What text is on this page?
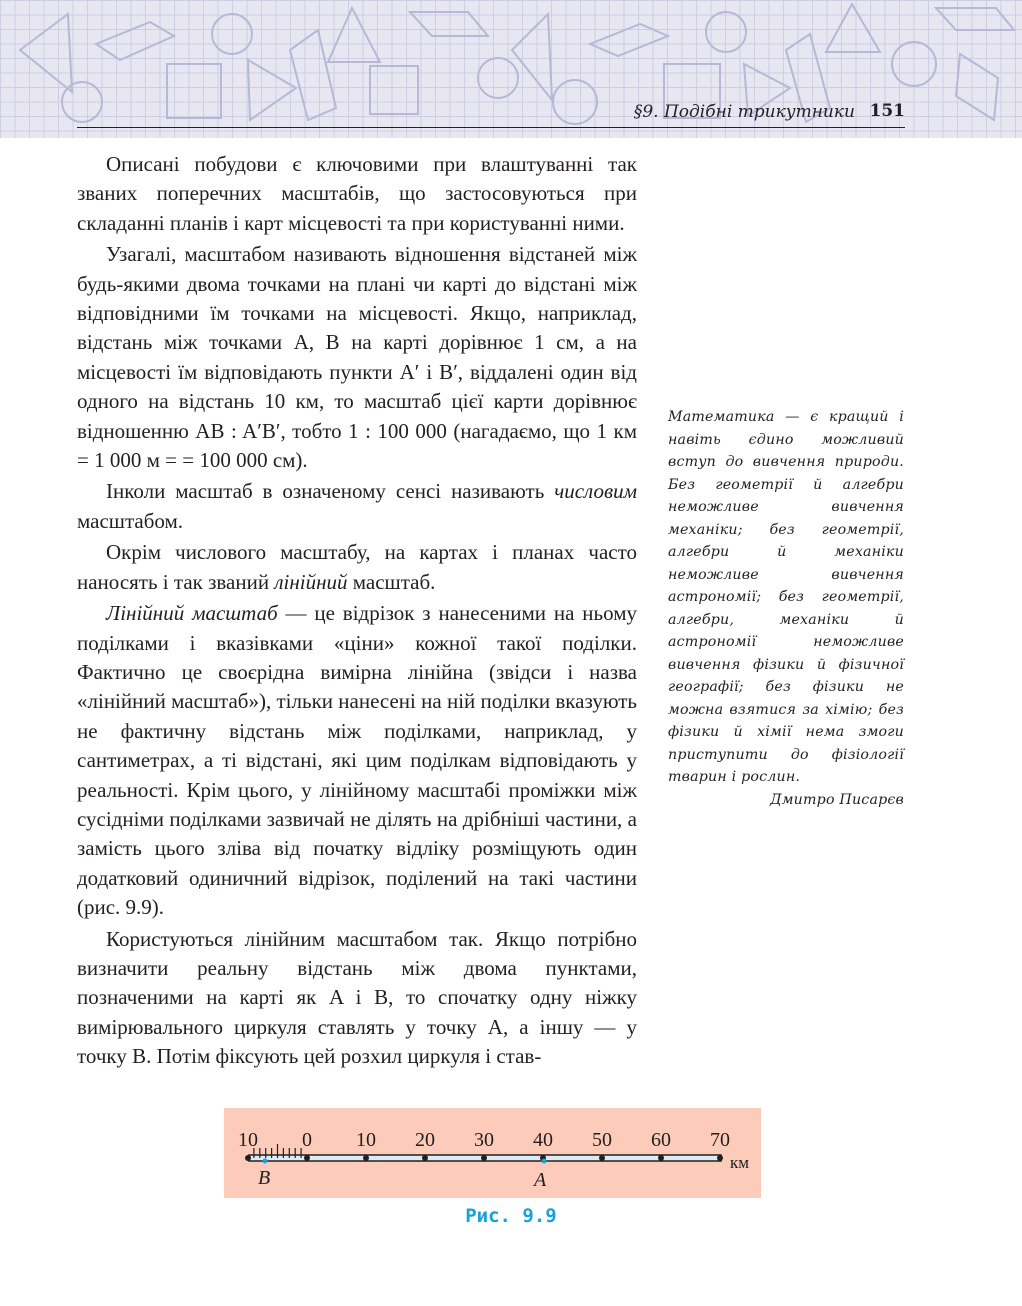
§9. Подібні трикутники 151

Описані побудови є ключовими при влаштуванні так званих поперечних масштабів, що застосовуються при складанні планів і карт місцевості та при користуванні ними.

Узагалі, масштабом називають відношення відстаней між будь-якими двома точками на плані чи карті до відстані між відповідними їм точками на місцевості. Якщо, наприклад, відстань між точками A, B на карті дорівнює 1 см, а на місцевості їм відповідають пункти A′ і B′, віддалені один від одного на відстань 10 км, то масштаб цієї карти дорівнює відношенню AB : A′B′, тобто 1 : 100 000 (нагадаємо, що 1 км = 1 000 м = = 100 000 см).

Інколи масштаб в означеному сенсі називають числовим масштабом.

Окрім числового масштабу, на картах і планах часто наносять і так званий лінійний масштаб.

Лінійний масштаб — це відрізок з нанесеними на ньому поділками і вказівками «ціни» кожної такої поділки. Фактично це своєрідна вимірна лінійна (звідси і назва «лінійний масштаб»), тільки нанесені на ній поділки вказують не фактичну відстань між поділками, наприклад, у сантиметрах, а ті відстані, які цим поділкам відповідають у реальності. Крім цього, у лінійному масштабі проміжки між сусідніми поділками зазвичай не ділять на дрібніші частини, а замість цього зліва від початку відліку розміщують один додатковий одиничний відрізок, поділений на такі частини (рис. 9.9).

Користуються лінійним масштабом так. Якщо потрібно визначити реальну відстань між двома пунктами, позначеними на карті як A і B, то спочатку одну ніжку вимірювального циркуля ставлять у точку A, а іншу — у точку B. Потім фіксують цей розхил циркуля і став-

Математика — є кращий і навіть єдино можливий вступ до вивчення природи. Без геометрії й алгебри неможливе вивчення механіки; без геометрії, алгебри й механіки неможливе вивчення астрономії; без геометрії, алгебри, механіки й астрономії неможливе вивчення фізики й фізичної географії; без фізики не можна взятися за хімію; без фізики й хімії нема змоги приступити до фізіології тварин і рослин.
Дмитро Писарєв
10 0 10 20 30 40 50 60 70
км
B	A
Рис. 9.9
